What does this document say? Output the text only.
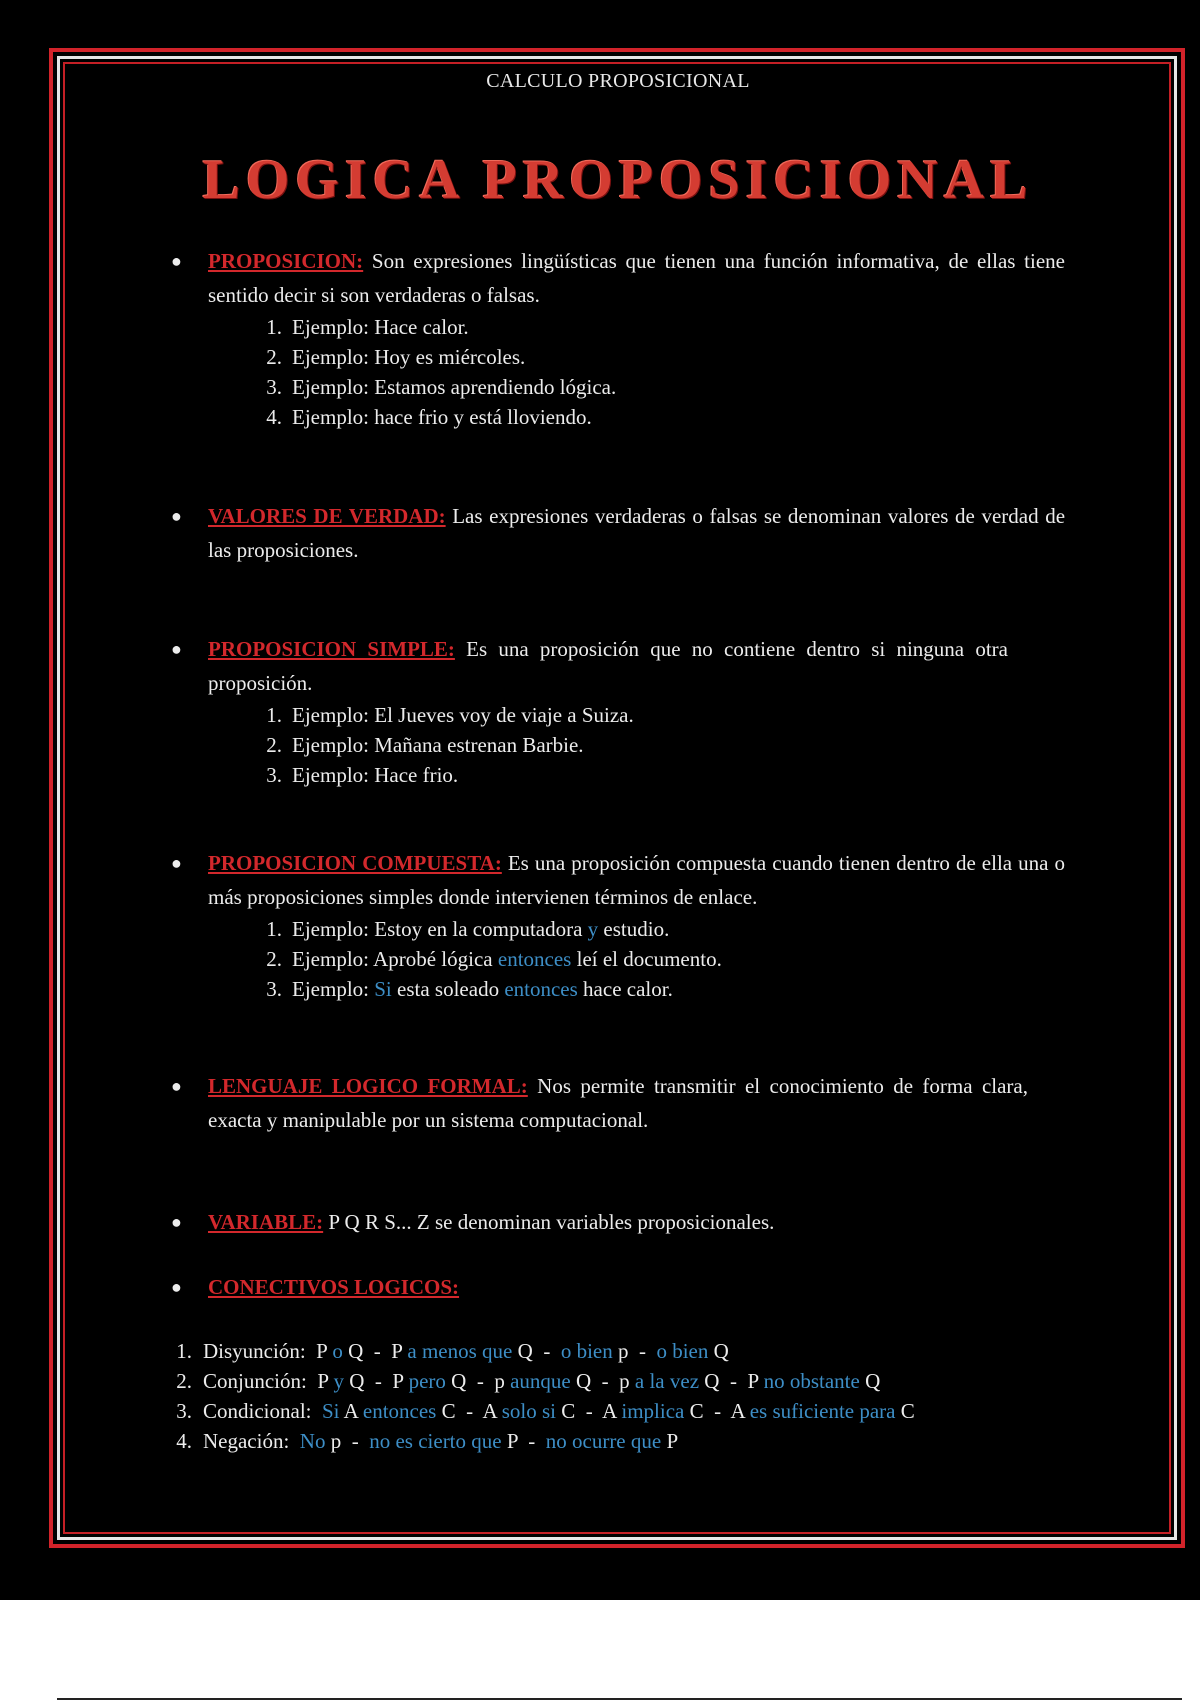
CALCULO PROPOSICIONAL
LOGICA PROPOSICIONAL
● PROPOSICION: Son expresiones lingüísticas que tienen una función informativa, de ellas tiene sentido decir si son verdaderas o falsas.
1. Ejemplo: Hace calor.
2. Ejemplo: Hoy es miércoles.
3. Ejemplo: Estamos aprendiendo lógica.
4. Ejemplo: hace frio y está lloviendo.
● VALORES DE VERDAD: Las expresiones verdaderas o falsas se denominan valores de verdad de las proposiciones.
● PROPOSICION SIMPLE: Es una proposición que no contiene dentro si ninguna otra proposición.
1. Ejemplo: El Jueves voy de viaje a Suiza.
2. Ejemplo: Mañana estrenan Barbie.
3. Ejemplo: Hace frio.
● PROPOSICION COMPUESTA: Es una proposición compuesta cuando tienen dentro de ella una o más proposiciones simples donde intervienen términos de enlace.
1. Ejemplo: Estoy en la computadora y estudio.
2. Ejemplo: Aprobé lógica entonces leí el documento.
3. Ejemplo: Si esta soleado entonces hace calor.
● LENGUAJE LOGICO FORMAL: Nos permite transmitir el conocimiento de forma clara, exacta y manipulable por un sistema computacional.
● VARIABLE: P Q R S... Z se denominan variables proposicionales.
● CONECTIVOS LOGICOS:
1. Disyunción: P o Q  -  P a menos que Q  -  o bien p  -  o bien Q
2. Conjunción: P y Q  -  P pero Q  -  p aunque Q  -  p a la vez Q  -  P no obstante Q
3. Condicional: Si A entonces C  -  A solo si C  -  A implica C  -  A es suficiente para C
4. Negación: No p  -  no es cierto que P  -  no ocurre que P
